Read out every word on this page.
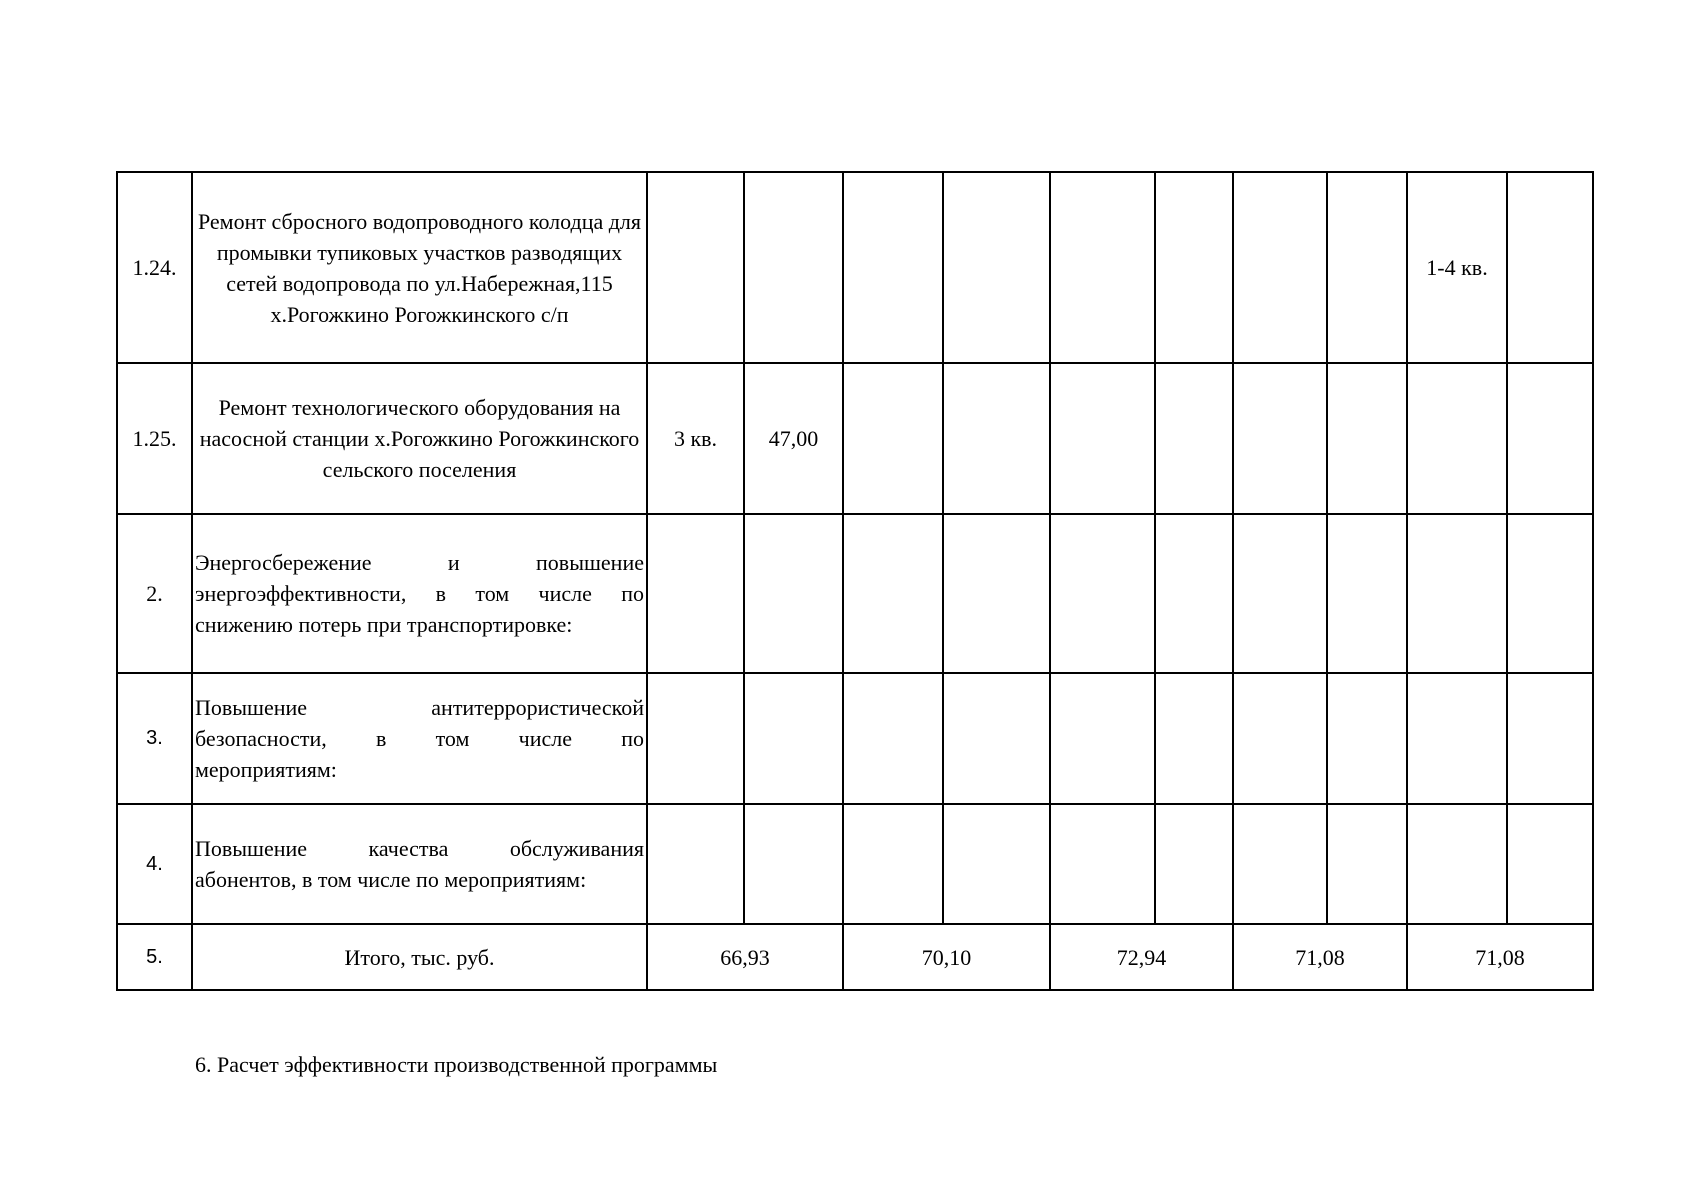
1.24.	Ремонт сбросного водопроводного колодца для промывки тупиковых участков разводящих сетей водопровода по ул.Набережная,115 х.Рогожкино Рогожкинского с/п									1-4 кв.	
1.25.	Ремонт технологического оборудования на насосной станции х.Рогожкино Рогожкинского сельского поселения	3 кв.	47,00								
2.	Энергосбережение и повышение энергоэффективности, в том числе по
снижению потерь при транспортировке:										

3.	Повышение антитеррористической безопасности, в том числе по
мероприятиям:										

4.	Повышение качества обслуживания
абонентов, в том числе по мероприятиям:										

5.	Итого, тыс. руб.	66,93		70,10		72,94		71,08		71,08	
6. Расчет эффективности производственной программы
